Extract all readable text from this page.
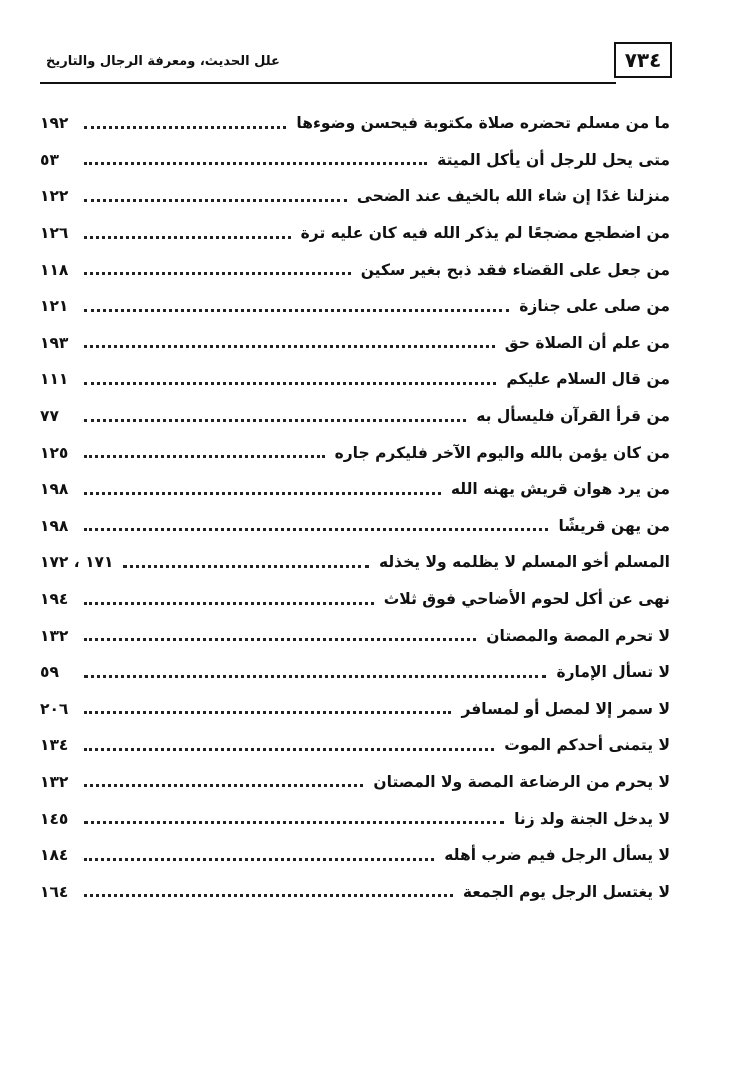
٧٣٤
علل الحديث، ومعرفة الرجال والتاريخ
ما من مسلم تحضره صلاة مكتوبة فيحسن وضوءها
١٩٢
متى يحل للرجل أن يأكل الميتة
٥٣
منزلنا غدًا إن شاء الله بالخيف عند الضحى
١٢٢
من اضطجع مضجعًا لم يذكر الله فيه كان عليه ترة
١٢٦
من جعل على القضاء فقد ذبح بغير سكين
١١٨
من صلى على جنازة
١٢١
من علم أن الصلاة حق
١٩٣
من قال السلام عليكم
١١١
من قرأ القرآن فليسأل به
٧٧
من كان يؤمن بالله واليوم الآخر فليكرم جاره
١٢٥
من يرد هوان قريش يهنه الله
١٩٨
من يهن قريشًا
١٩٨
المسلم أخو المسلم لا يظلمه ولا يخذله
١٧١ ، ١٧٢
نهى عن أكل لحوم الأضاحي فوق ثلاث
١٩٤
لا تحرم المصة والمصتان
١٣٢
لا تسأل الإمارة
٥٩
لا سمر إلا لمصل أو لمسافر
٢٠٦
لا يتمنى أحدكم الموت
١٣٤
لا يحرم من الرضاعة المصة ولا المصتان
١٣٢
لا يدخل الجنة ولد زنا
١٤٥
لا يسأل الرجل فيم ضرب أهله
١٨٤
لا يغتسل الرجل يوم الجمعة
١٦٤
